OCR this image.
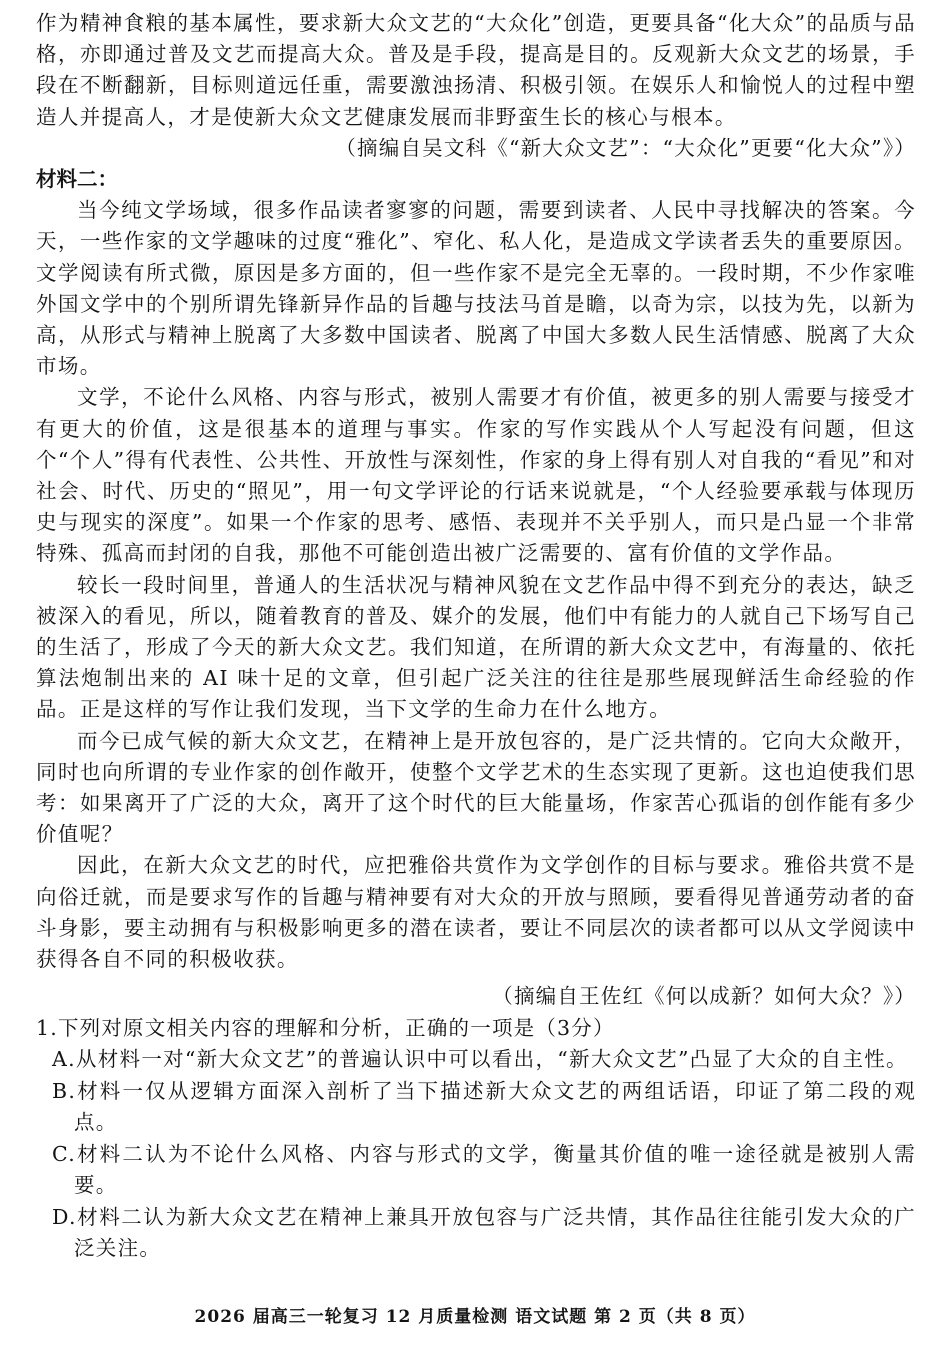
作为精神食粮的基本属性，要求新大众文艺的“大众化”创造，更要具备“化大众”的品质与品格，亦即通过普及文艺而提高大众。普及是手段，提高是目的。反观新大众文艺的场景，手段在不断翻新，目标则道远任重，需要激浊扬清、积极引领。在娱乐人和愉悦人的过程中塑造人并提高人，才是使新大众文艺健康发展而非野蛮生长的核心与根本。

（摘编自吴文科《“新大众文艺”：“大众化”更要“化大众”》）

材料二：

当今纯文学场域，很多作品读者寥寥的问题，需要到读者、人民中寻找解决的答案。今天，一些作家的文学趣味的过度“雅化”、窄化、私人化，是造成文学读者丢失的重要原因。文学阅读有所式微，原因是多方面的，但一些作家不是完全无辜的。一段时期，不少作家唯外国文学中的个别所谓先锋新异作品的旨趣与技法马首是瞻，以奇为宗，以技为先，以新为高，从形式与精神上脱离了大多数中国读者、脱离了中国大多数人民生活情感、脱离了大众市场。

文学，不论什么风格、内容与形式，被别人需要才有价值，被更多的别人需要与接受才有更大的价值，这是很基本的道理与事实。作家的写作实践从个人写起没有问题，但这个“个人”得有代表性、公共性、开放性与深刻性，作家的身上得有别人对自我的“看见”和对社会、时代、历史的“照见”，用一句文学评论的行话来说就是，“个人经验要承载与体现历史与现实的深度”。如果一个作家的思考、感悟、表现并不关乎别人，而只是凸显一个非常特殊、孤高而封闭的自我，那他不可能创造出被广泛需要的、富有价值的文学作品。

较长一段时间里，普通人的生活状况与精神风貌在文艺作品中得不到充分的表达，缺乏被深入的看见，所以，随着教育的普及、媒介的发展，他们中有能力的人就自己下场写自己的生活了，形成了今天的新大众文艺。我们知道，在所谓的新大众文艺中，有海量的、依托算法炮制出来的 AI 味十足的文章，但引起广泛关注的往往是那些展现鲜活生命经验的作品。正是这样的写作让我们发现，当下文学的生命力在什么地方。

而今已成气候的新大众文艺，在精神上是开放包容的，是广泛共情的。它向大众敞开，同时也向所谓的专业作家的创作敞开，使整个文学艺术的生态实现了更新。这也迫使我们思考：如果离开了广泛的大众，离开了这个时代的巨大能量场，作家苦心孤诣的创作能有多少价值呢？

因此，在新大众文艺的时代，应把雅俗共赏作为文学创作的目标与要求。雅俗共赏不是向俗迁就，而是要求写作的旨趣与精神要有对大众的开放与照顾，要看得见普通劳动者的奋斗身影，要主动拥有与积极影响更多的潜在读者，要让不同层次的读者都可以从文学阅读中获得各自不同的积极收获。

（摘编自王佐红《何以成新？如何大众？》）

1.下列对原文相关内容的理解和分析，正确的一项是（3分）

A.从材料一对“新大众文艺”的普遍认识中可以看出，“新大众文艺”凸显了大众的自主性。

B.材料一仅从逻辑方面深入剖析了当下描述新大众文艺的两组话语，印证了第二段的观点。

C.材料二认为不论什么风格、内容与形式的文学，衡量其价值的唯一途径就是被别人需要。

D.材料二认为新大众文艺在精神上兼具开放包容与广泛共情，其作品往往能引发大众的广泛关注。

2026 届高三一轮复习 12 月质量检测 语文试题 第 2 页（共 8 页）
